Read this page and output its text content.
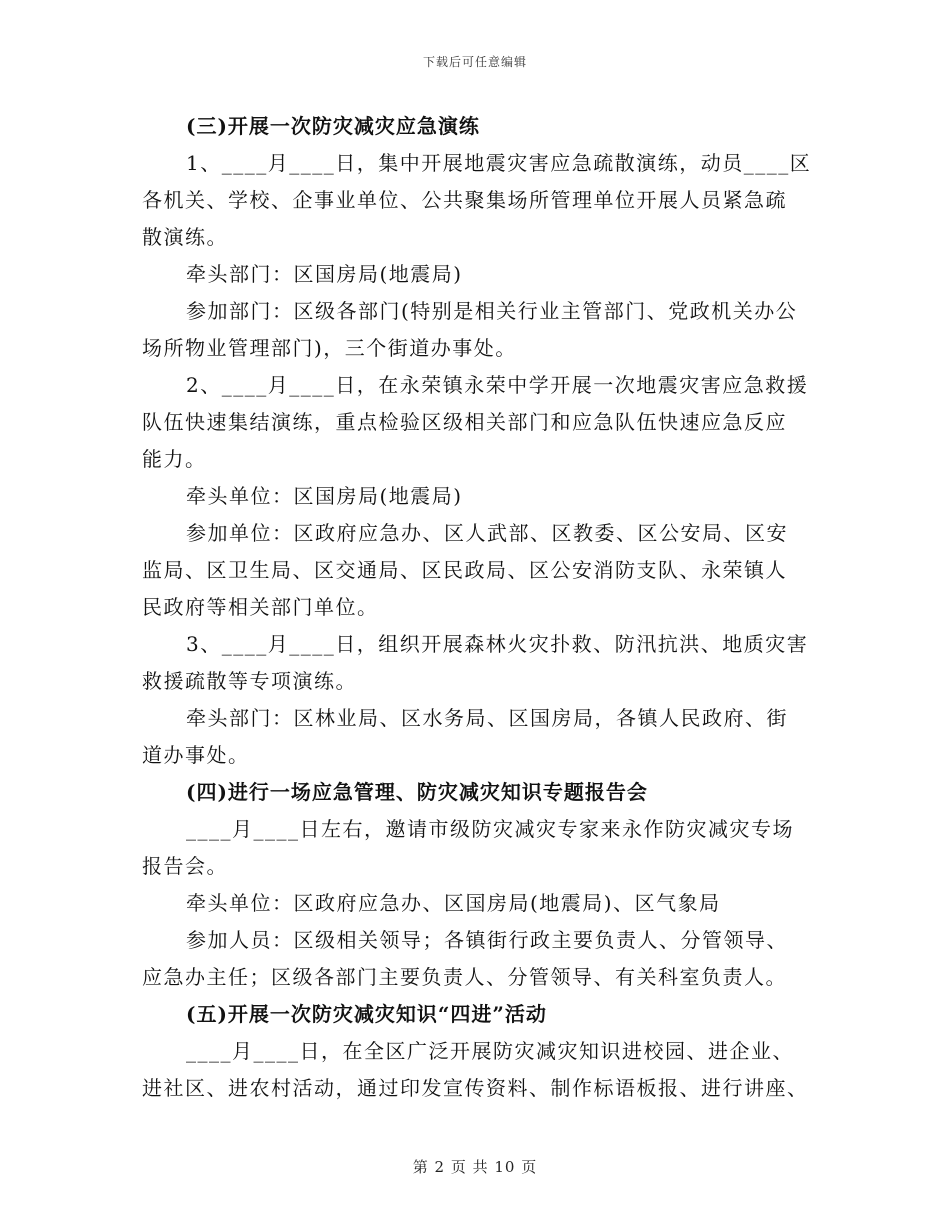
下载后可任意编辑
(三)开展一次防灾减灾应急演练
1、____月____日，集中开展地震灾害应急疏散演练，动员____区
各机关、学校、企事业单位、公共聚集场所管理单位开展人员紧急疏
散演练。
牵头部门：区国房局(地震局)
参加部门：区级各部门(特别是相关行业主管部门、党政机关办公
场所物业管理部门)，三个街道办事处。
2、____月____日，在永荣镇永荣中学开展一次地震灾害应急救援
队伍快速集结演练，重点检验区级相关部门和应急队伍快速应急反应
能力。
牵头单位：区国房局(地震局)
参加单位：区政府应急办、区人武部、区教委、区公安局、区安
监局、区卫生局、区交通局、区民政局、区公安消防支队、永荣镇人
民政府等相关部门单位。
3、____月____日，组织开展森林火灾扑救、防汛抗洪、地质灾害
救援疏散等专项演练。
牵头部门：区林业局、区水务局、区国房局，各镇人民政府、街
道办事处。
(四)进行一场应急管理、防灾减灾知识专题报告会
____月____日左右，邀请市级防灾减灾专家来永作防灾减灾专场
报告会。
牵头单位：区政府应急办、区国房局(地震局)、区气象局
参加人员：区级相关领导；各镇街行政主要负责人、分管领导、
应急办主任；区级各部门主要负责人、分管领导、有关科室负责人。
(五)开展一次防灾减灾知识“四进”活动
____月____日，在全区广泛开展防灾减灾知识进校园、进企业、
进社区、进农村活动，通过印发宣传资料、制作标语板报、进行讲座、
第 2 页 共 10 页
